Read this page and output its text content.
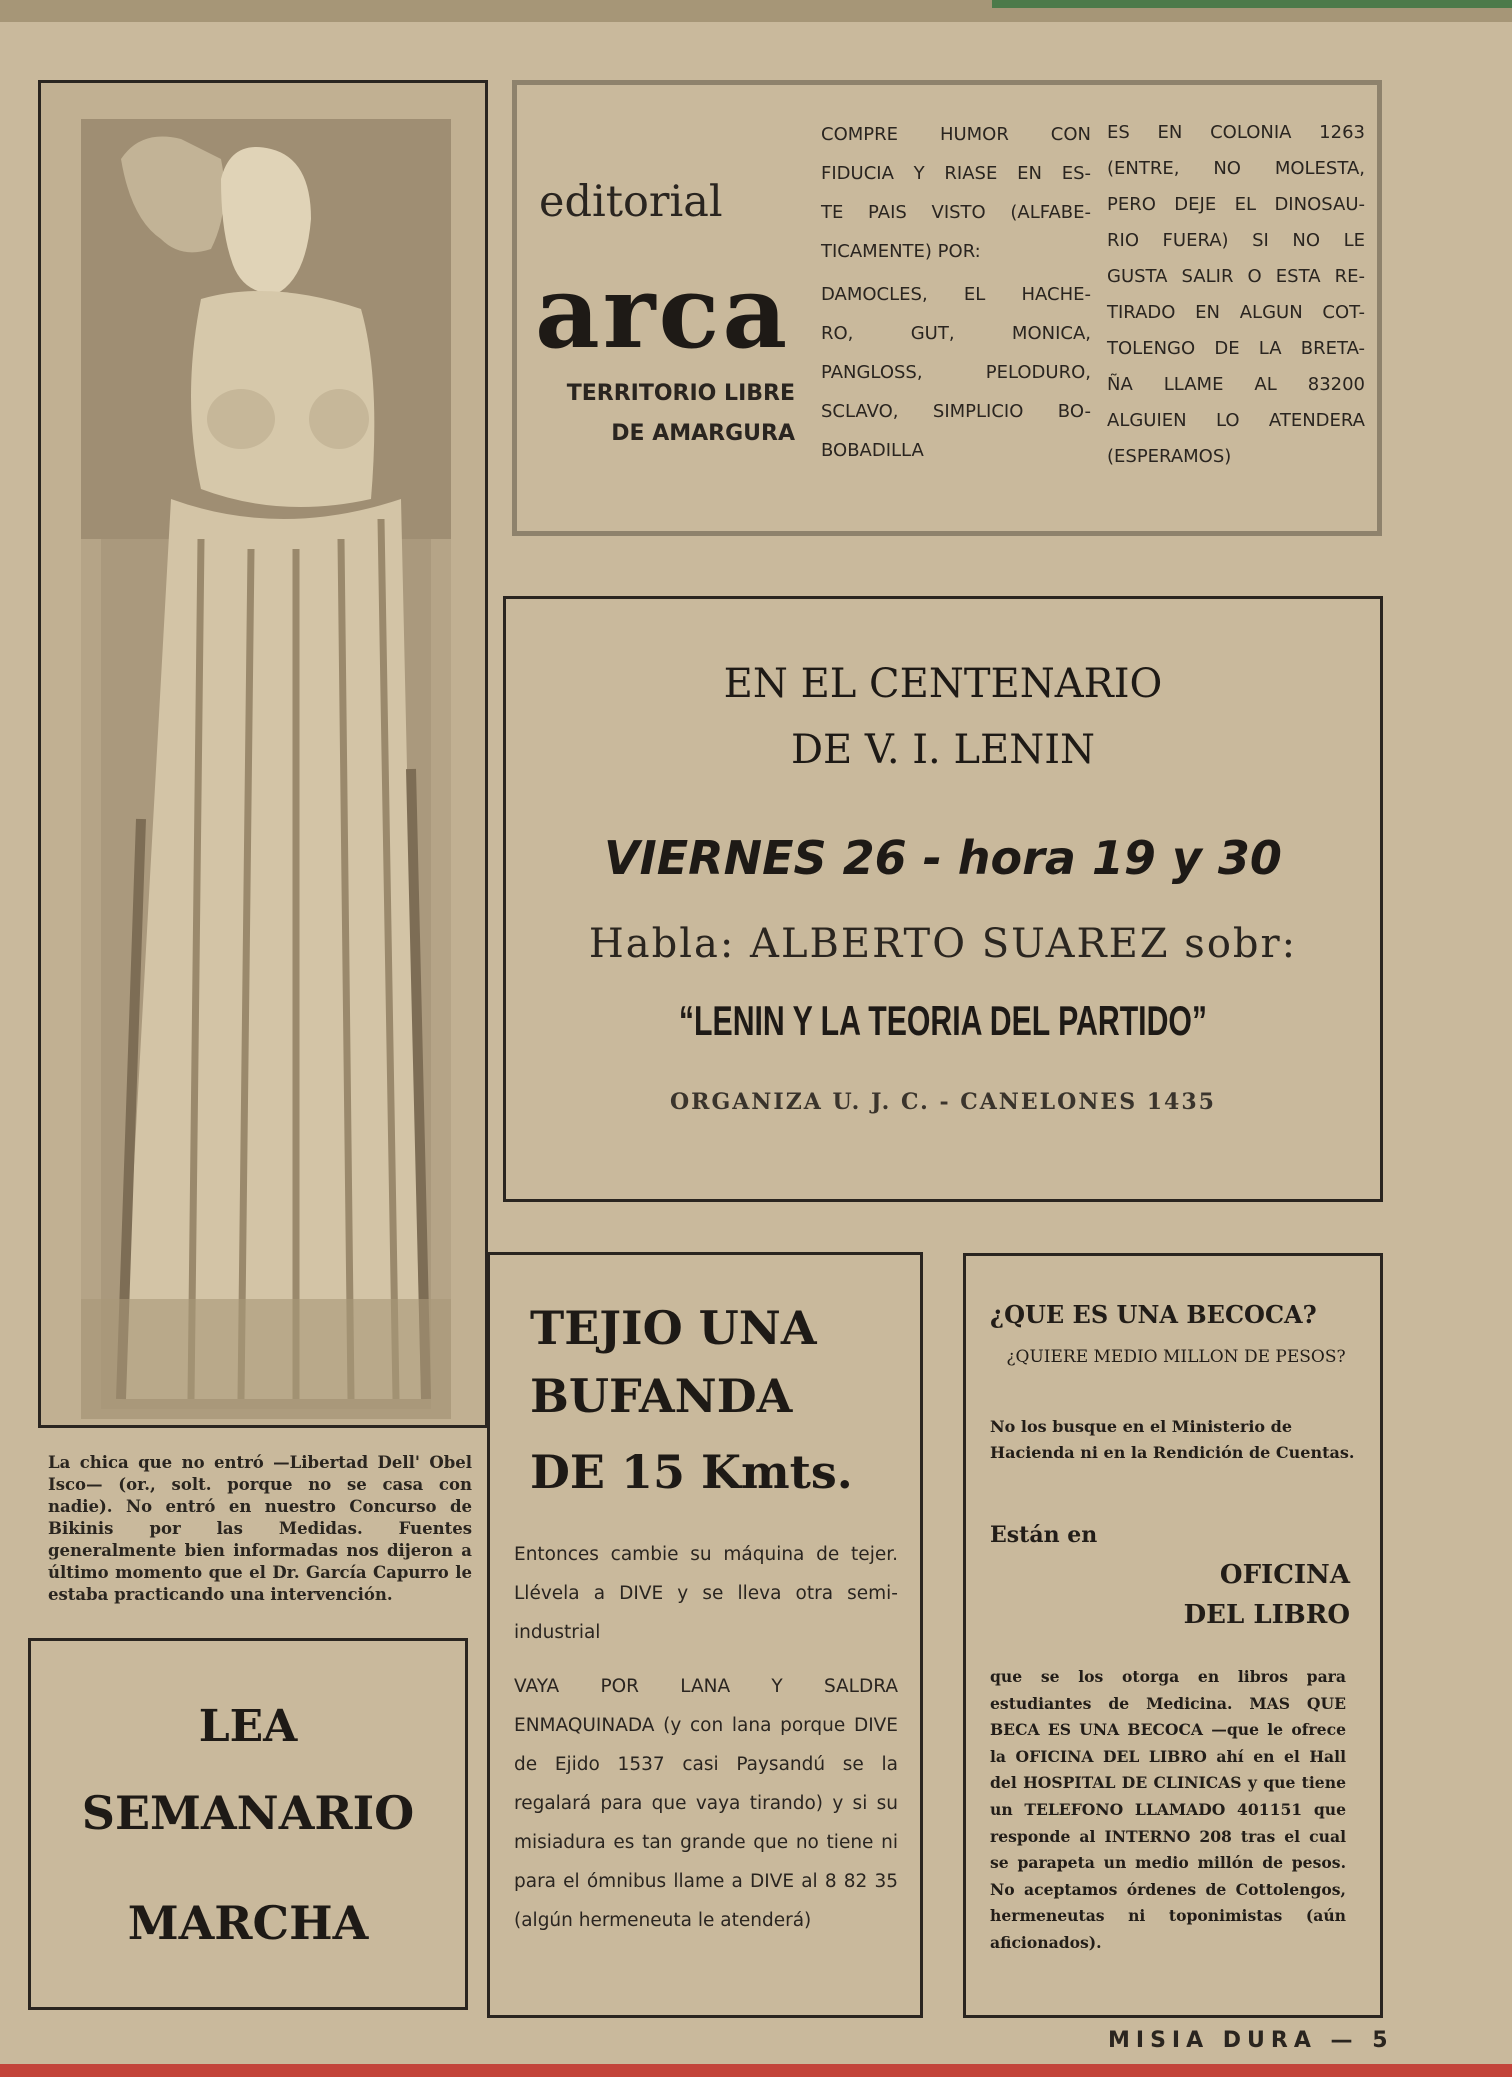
La chica que no entró —Libertad Dell' Obel Isco— (or., solt. porque no se casa con nadie). No entró en nuestro Concurso de Bikinis por las Medidas. Fuentes generalmente bien informadas nos dijeron a último momento que el Dr. García Capurro le estaba practicando una intervención.
LEA
SEMANARIO
MARCHA
editorial
arca
TERRITORIO LIBRE
DE AMARGURA
COMPRE HUMOR CON
FIDUCIA Y RIASE EN ES-
TE PAIS VISTO (ALFABE-
TICAMENTE) POR:
DAMOCLES, EL HACHE-
RO, GUT, MONICA,
PANGLOSS, PELODURO,
SCLAVO, SIMPLICIO BO-
BOBADILLA
ES EN COLONIA 1263
(ENTRE, NO MOLESTA,
PERO DEJE EL DINOSAU-
RIO FUERA) SI NO LE
GUSTA SALIR O ESTA RE-
TIRADO EN ALGUN COT-
TOLENGO DE LA BRETA-
ÑA LLAME AL 83200
ALGUIEN LO ATENDERA
(ESPERAMOS)
EN EL CENTENARIO
DE V. I. LENIN
VIERNES 26 - hora 19 y 30
Habla: ALBERTO SUAREZ sobr:
“LENIN Y LA TEORIA DEL PARTIDO”
ORGANIZA U. J. C. - CANELONES 1435
TEJIO UNA
BUFANDA
DE 15 Kmts.
Entonces cambie su máquina de tejer. Llévela a DIVE y se lleva otra semi-industrial
VAYA POR LANA Y SALDRA ENMAQUINADA (y con lana porque DIVE de Ejido 1537 casi Paysandú se la regalará para que vaya tirando) y si su misiadura es tan grande que no tiene ni para el ómnibus llame a DIVE al 8 82 35 (algún hermeneuta le atenderá)
¿QUE ES UNA BECOCA?
¿QUIERE MEDIO MILLON DE PESOS?
No los busque en el Ministerio de Hacienda ni en la Rendición de Cuentas.
Están en
OFICINA
DEL LIBRO
que se los otorga en libros para estudiantes de Medicina. MAS QUE BECA ES UNA BECOCA —que le ofrece la OFICINA DEL LIBRO ahí en el Hall del HOSPITAL DE CLINICAS y que tiene un TELEFONO LLAMADO 401151 que responde al INTERNO 208 tras el cual se parapeta un medio millón de pesos. No aceptamos órdenes de Cottolengos, hermeneutas ni toponimistas (aún aficionados).
MISIA DURA — 5
